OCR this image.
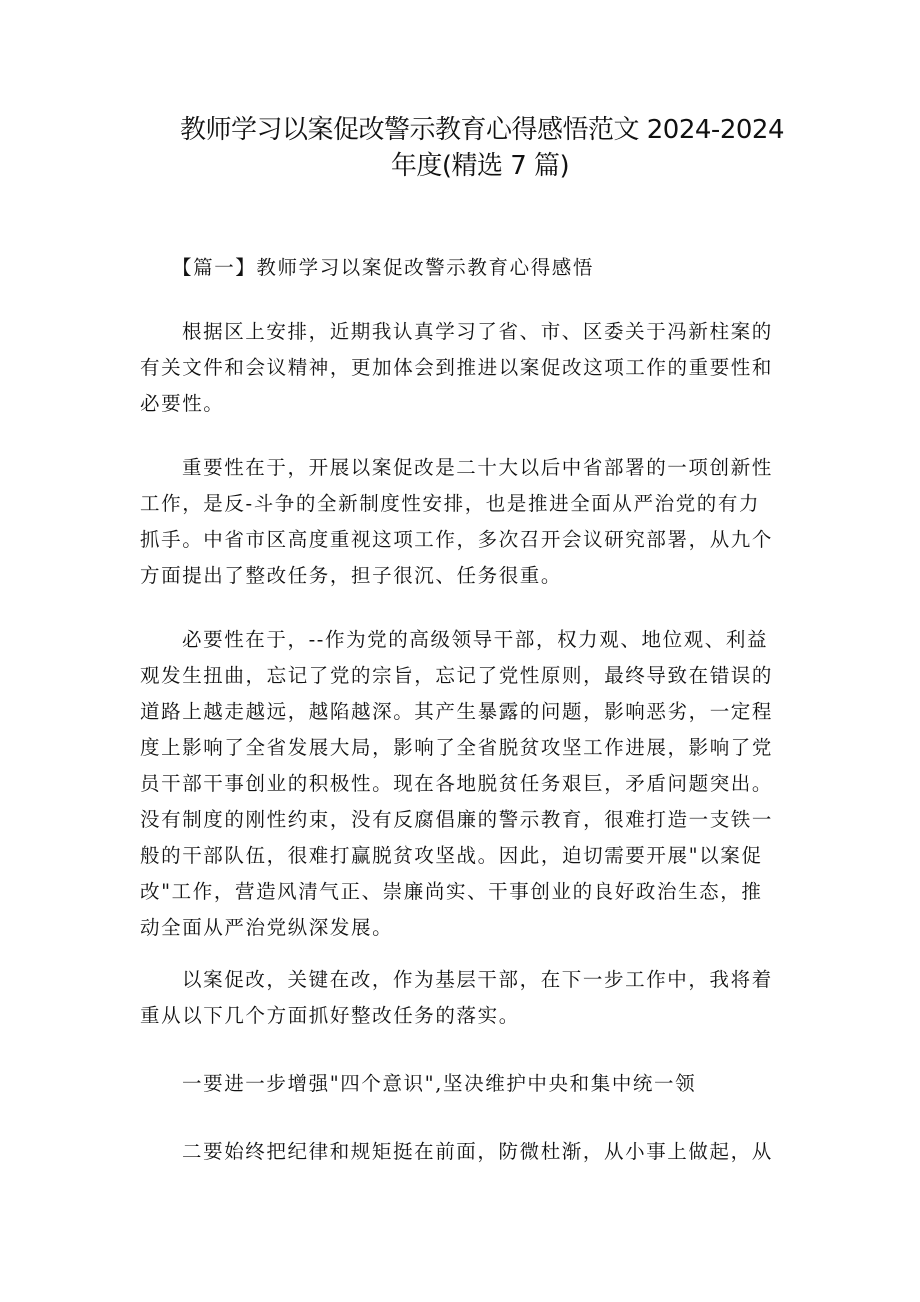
教师学习以案促改警示教育心得感悟范文 2024-2024
年度(精选 7 篇)
【篇一】教师学习以案促改警示教育心得感悟
根据区上安排，近期我认真学习了省、市、区委关于冯新柱案的
有关文件和会议精神，更加体会到推进以案促改这项工作的重要性和
必要性。
重要性在于，开展以案促改是二十大以后中省部署的一项创新性
工作，是反-斗争的全新制度性安排，也是推进全面从严治党的有力
抓手。中省市区高度重视这项工作，多次召开会议研究部署，从九个
方面提出了整改任务，担子很沉、任务很重。
必要性在于，--作为党的高级领导干部，权力观、地位观、利益
观发生扭曲，忘记了党的宗旨，忘记了党性原则，最终导致在错误的
道路上越走越远，越陷越深。其产生暴露的问题，影响恶劣，一定程
度上影响了全省发展大局，影响了全省脱贫攻坚工作进展，影响了党
员干部干事创业的积极性。现在各地脱贫任务艰巨，矛盾问题突出。
没有制度的刚性约束，没有反腐倡廉的警示教育，很难打造一支铁一
般的干部队伍，很难打赢脱贫攻坚战。因此，迫切需要开展"以案促
改"工作，营造风清气正、崇廉尚实、干事创业的良好政治生态，推
动全面从严治党纵深发展。
以案促改，关键在改，作为基层干部，在下一步工作中，我将着
重从以下几个方面抓好整改任务的落实。
一要进一步增强"四个意识",坚决维护中央和集中统一领
二要始终把纪律和规矩挺在前面，防微杜渐，从小事上做起，从
